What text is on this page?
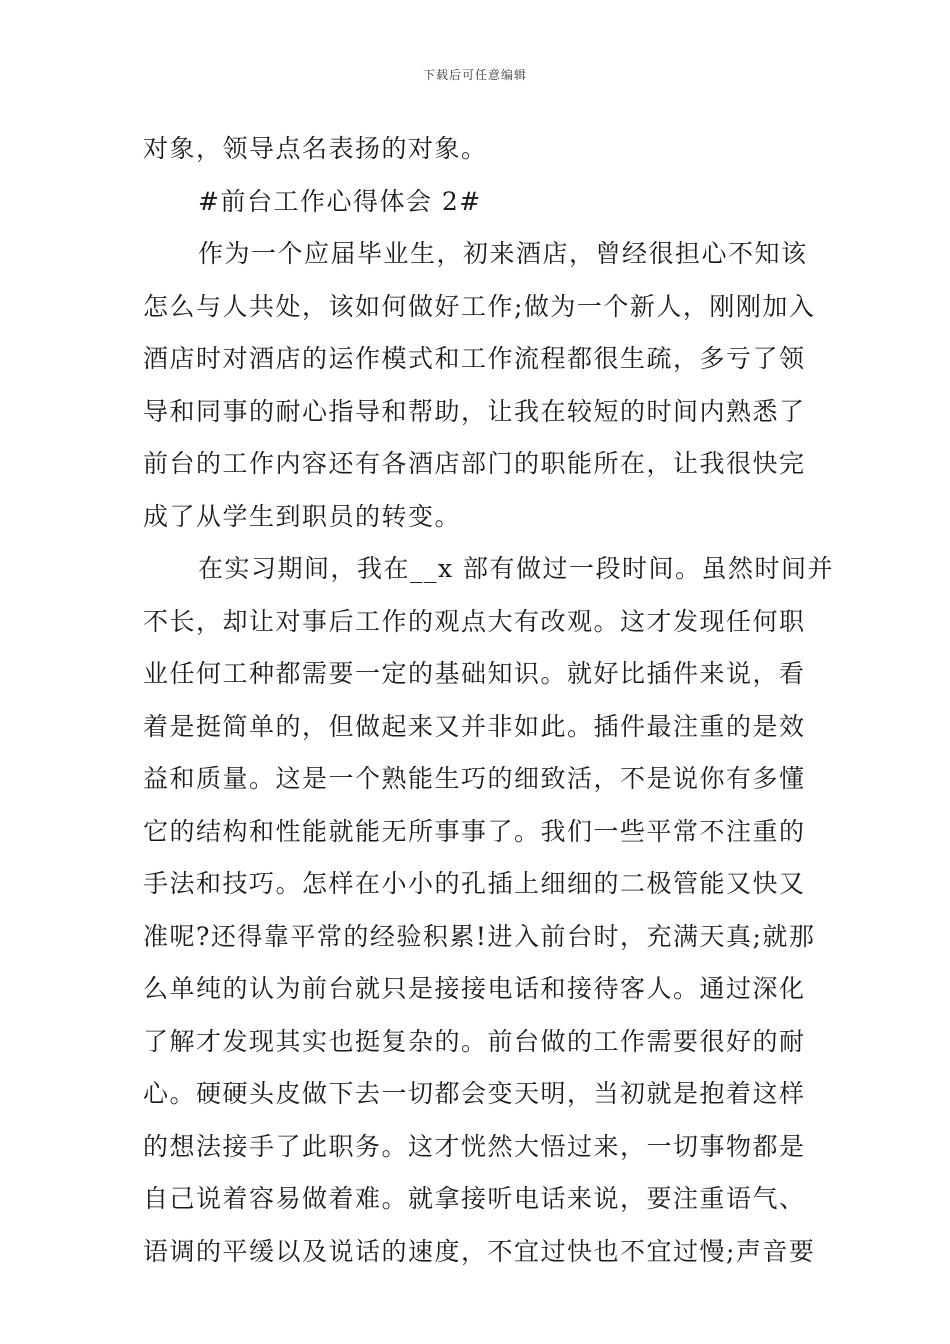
下载后可任意编辑
对象，领导点名表扬的对象。
#前台工作心得体会 2#
作为一个应届毕业生，初来酒店，曾经很担心不知该
怎么与人共处，该如何做好工作;做为一个新人，刚刚加入
酒店时对酒店的运作模式和工作流程都很生疏，多亏了领
导和同事的耐心指导和帮助，让我在较短的时间内熟悉了
前台的工作内容还有各酒店部门的职能所在，让我很快完
成了从学生到职员的转变。
在实习期间，我在__x 部有做过一段时间。虽然时间并
不长，却让对事后工作的观点大有改观。这才发现任何职
业任何工种都需要一定的基础知识。就好比插件来说，看
着是挺简单的，但做起来又并非如此。插件最注重的是效
益和质量。这是一个熟能生巧的细致活，不是说你有多懂
它的结构和性能就能无所事事了。我们一些平常不注重的
手法和技巧。怎样在小小的孔插上细细的二极管能又快又
准呢?还得靠平常的经验积累!进入前台时，充满天真;就那
么单纯的认为前台就只是接接电话和接待客人。通过深化
了解才发现其实也挺复杂的。前台做的工作需要很好的耐
心。硬硬头皮做下去一切都会变天明，当初就是抱着这样
的想法接手了此职务。这才恍然大悟过来，一切事物都是
自己说着容易做着难。就拿接听电话来说，要注重语气、
语调的平缓以及说话的速度，不宜过快也不宜过慢;声音要
